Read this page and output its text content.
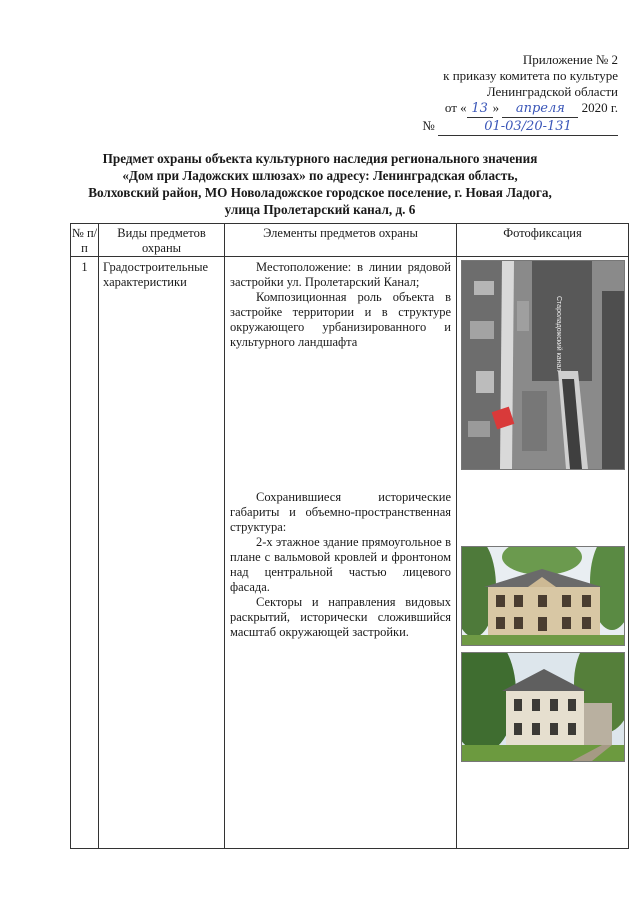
Приложение № 2
к приказу комитета по культуре
Ленинградской области
от « 13 » апреля 2020 г.
№	01-03/20-131
Предмет охраны объекта культурного наследия регионального значения
«Дом при Ладожских шлюзах» по адресу: Ленинградская область,
Волховский район, МО Новоладожское городское поселение, г. Новая Ладога,
улица Пролетарский канал, д. 6
№ п/п	Виды предметов охраны	Элементы предметов охраны	Фотофиксация
1	Градостроительные характеристики	Местоположение: в линии рядовой застройки ул. Пролетарский Канал;

Композиционная роль объекта в застройке территории и в структуре окружающего урбанизированного и культурного ландшафта

Сохранившиеся исторические габариты и объемно-пространственная структура:

2-х этажное здание прямоугольное в плане с вальмовой кровлей и фронтоном над центральной частью лицевого фасада.

Секторы и направления видовых раскрытий, исторически сложившийся масштаб окружающей застройки.	Староладожский канал
